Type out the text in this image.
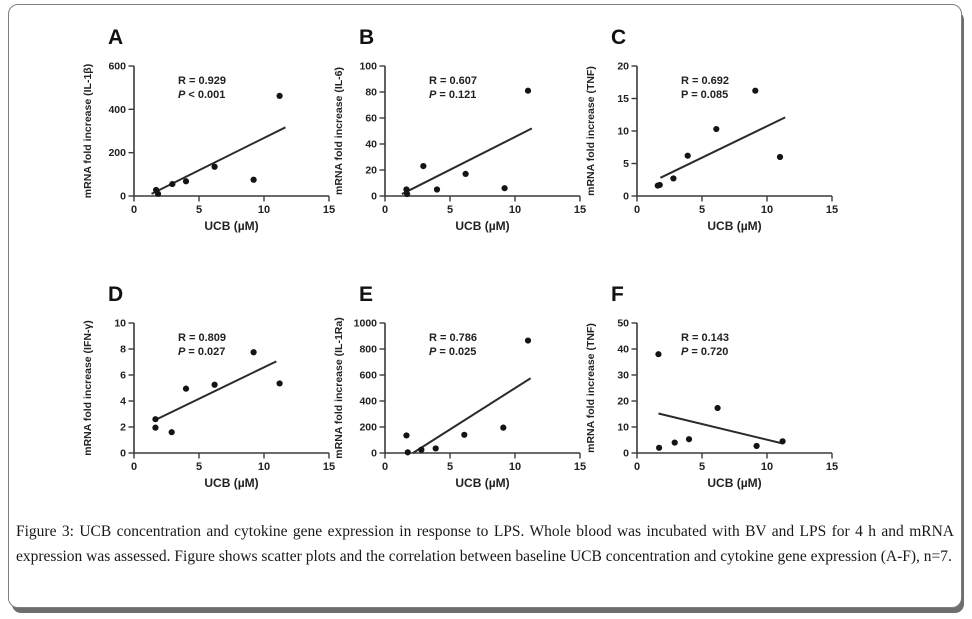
A
R = 0.929
P < 0.001
0
200
400
600
0	5	10	15
mRNA fold increase (IL-1β)
UCB (µM)
B
R = 0.607
P = 0.121
0
20
40
60
80
100
0	5	10	15
mRNA fold increase (IL-6)
UCB (µM)
C
R = 0.692
P = 0.085
0
5
10
15
20
0	5	10	15
mRNA fold increase (TNF)
UCB (µM)
D
R = 0.809
P = 0.027
0
2
4
6
8
10
0	5	10	15
mRNA fold increase (IFN-γ)
UCB (µM)
E
R = 0.786
P = 0.025
0
200
400
600
800
1000
0	5	10	15
mRNA fold increase (IL-1Ra)
UCB (µM)
F
R = 0.143
P = 0.720
0
10
20
30
40
50
0	5	10	15
mRNA fold increase (TNF)
UCB (µM)
Figure 3: UCB concentration and cytokine gene expression in response to LPS. Whole blood was incubated with BV and LPS for 4 h and mRNA expression was assessed. Figure shows scatter plots and the correlation between baseline UCB concentration and cytokine gene expression (A-F), n=7.
